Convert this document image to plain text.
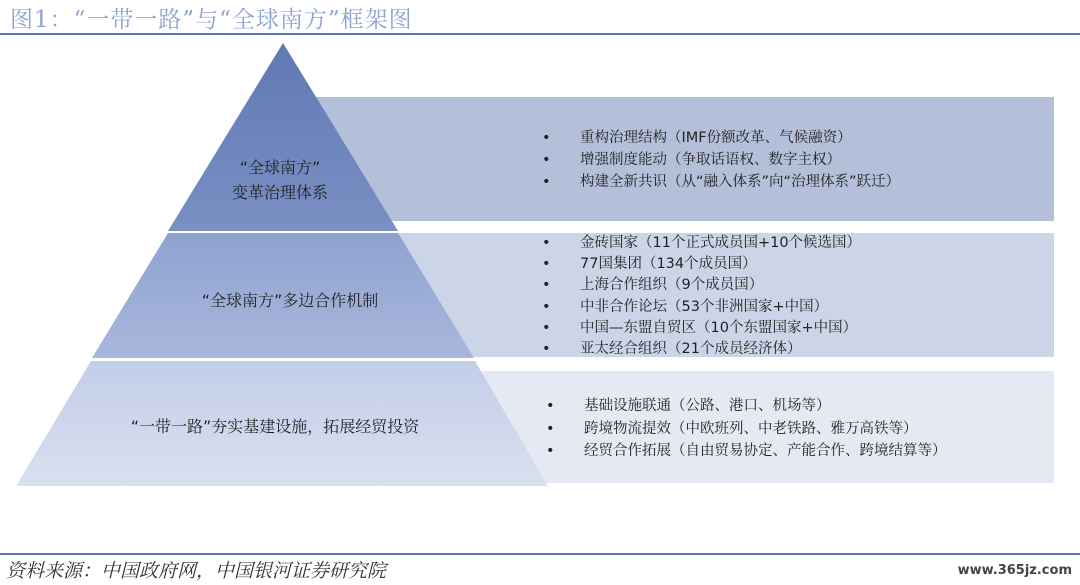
图1：“一带一路”与“全球南方”框架图
“全球南方”
变革治理体系
“全球南方”多边合作机制
“一带一路”夯实基建设施，拓展经贸投资
• 重构治理结构（IMF份额改革、气候融资）
• 增强制度能动（争取话语权、数字主权）
• 构建全新共识（从“融入体系”向“治理体系”跃迁）
• 金砖国家（11个正式成员国+10个候选国）
• 77国集团（134个成员国）
• 上海合作组织（9个成员国）
• 中非合作论坛（53个非洲国家+中国）
• 中国—东盟自贸区（10个东盟国家+中国）
• 亚太经合组织（21个成员经济体）
• 基础设施联通（公路、港口、机场等）
• 跨境物流提效（中欧班列、中老铁路、雅万高铁等）
• 经贸合作拓展（自由贸易协定、产能合作、跨境结算等）
资料来源：中国政府网，中国银河证券研究院	www.365jz.com
